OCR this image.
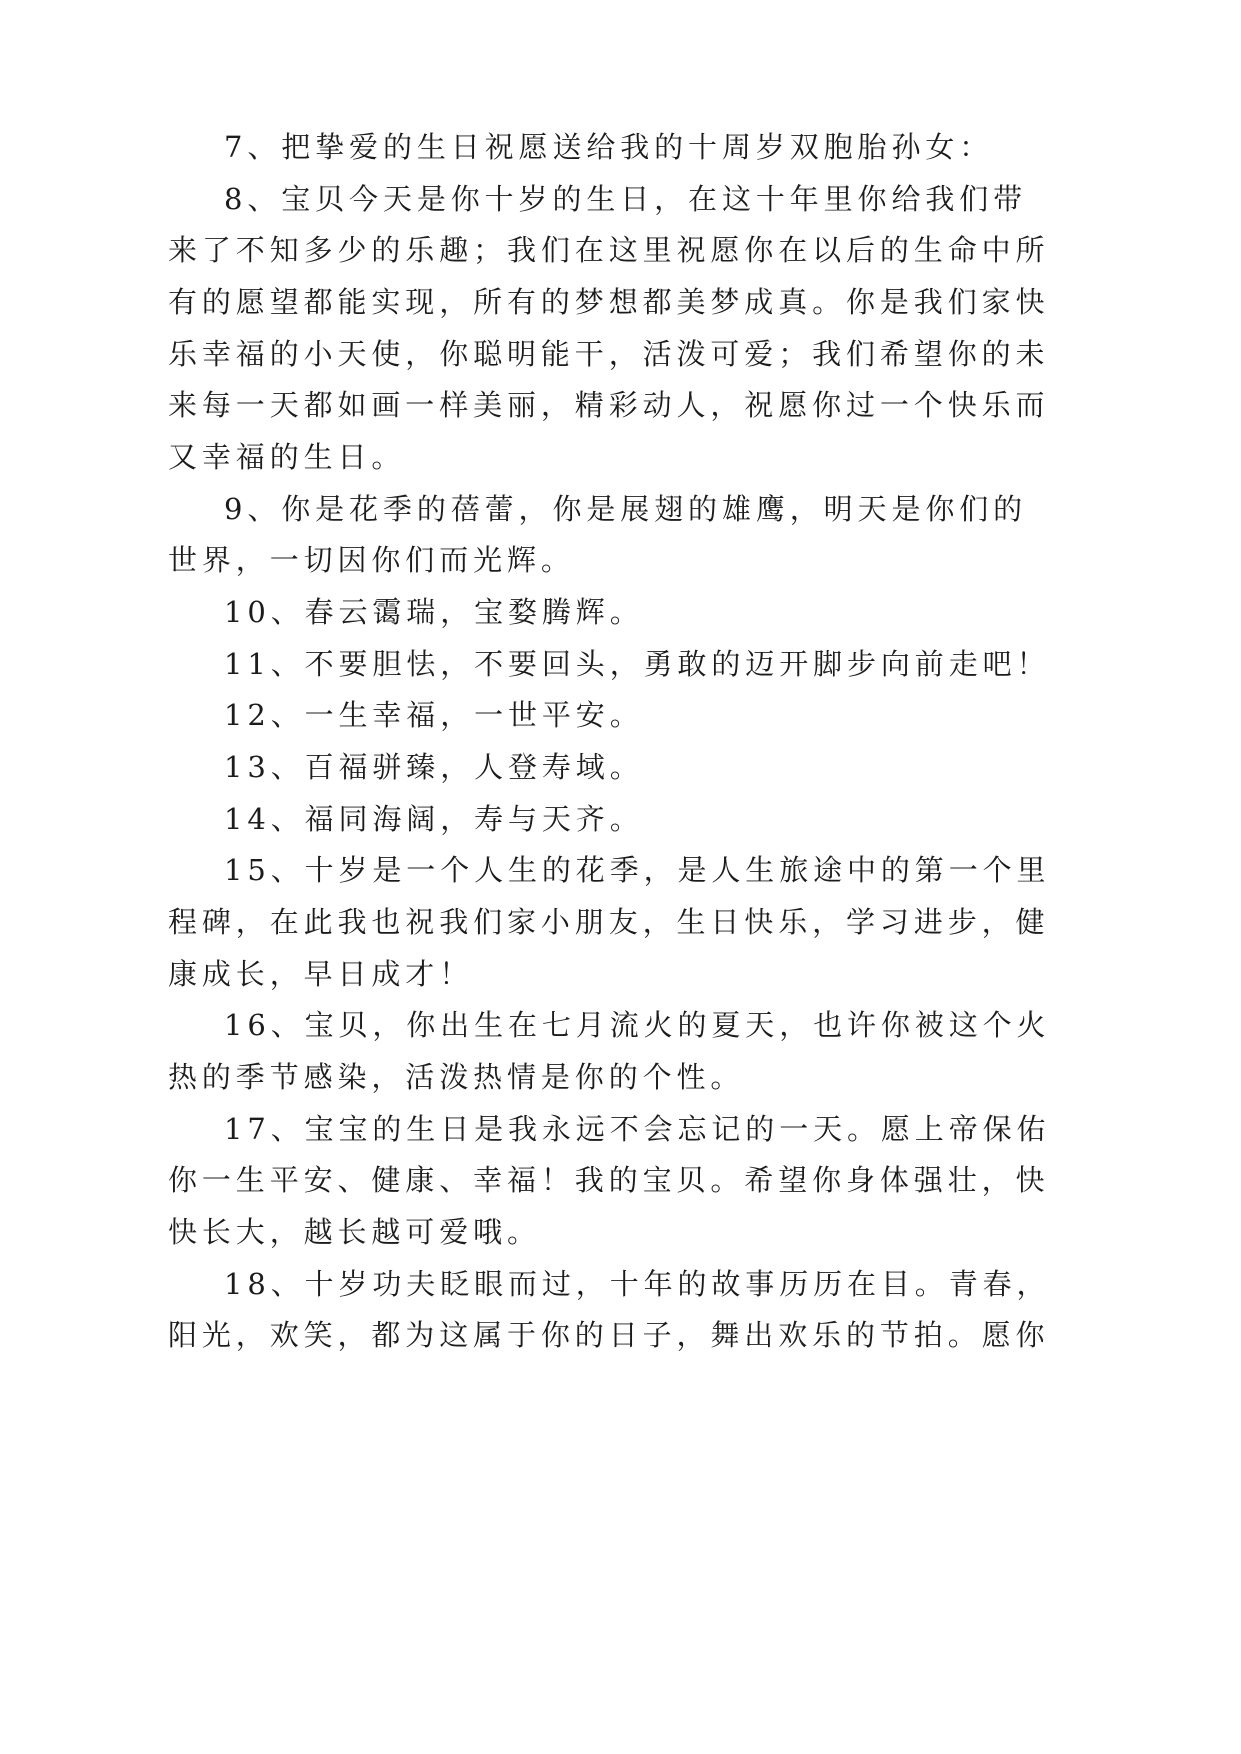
7、把挚爱的生日祝愿送给我的十周岁双胞胎孙女：
8、宝贝今天是你十岁的生日，在这十年里你给我们带
来了不知多少的乐趣；我们在这里祝愿你在以后的生命中所
有的愿望都能实现，所有的梦想都美梦成真。你是我们家快
乐幸福的小天使，你聪明能干，活泼可爱；我们希望你的未
来每一天都如画一样美丽，精彩动人，祝愿你过一个快乐而
又幸福的生日。
9、你是花季的蓓蕾，你是展翅的雄鹰，明天是你们的
世界，一切因你们而光辉。
10、春云霭瑞，宝婺腾辉。
11、不要胆怯，不要回头，勇敢的迈开脚步向前走吧！
12、一生幸福，一世平安。
13、百福骈臻，人登寿域。
14、福同海阔，寿与天齐。
15、十岁是一个人生的花季，是人生旅途中的第一个里
程碑，在此我也祝我们家小朋友，生日快乐，学习进步，健
康成长，早日成才！
16、宝贝，你出生在七月流火的夏天，也许你被这个火
热的季节感染，活泼热情是你的个性。
17、宝宝的生日是我永远不会忘记的一天。愿上帝保佑
你一生平安、健康、幸福！我的宝贝。希望你身体强壮，快
快长大，越长越可爱哦。
18、十岁功夫眨眼而过，十年的故事历历在目。青春，
阳光，欢笑，都为这属于你的日子，舞出欢乐的节拍。愿你
